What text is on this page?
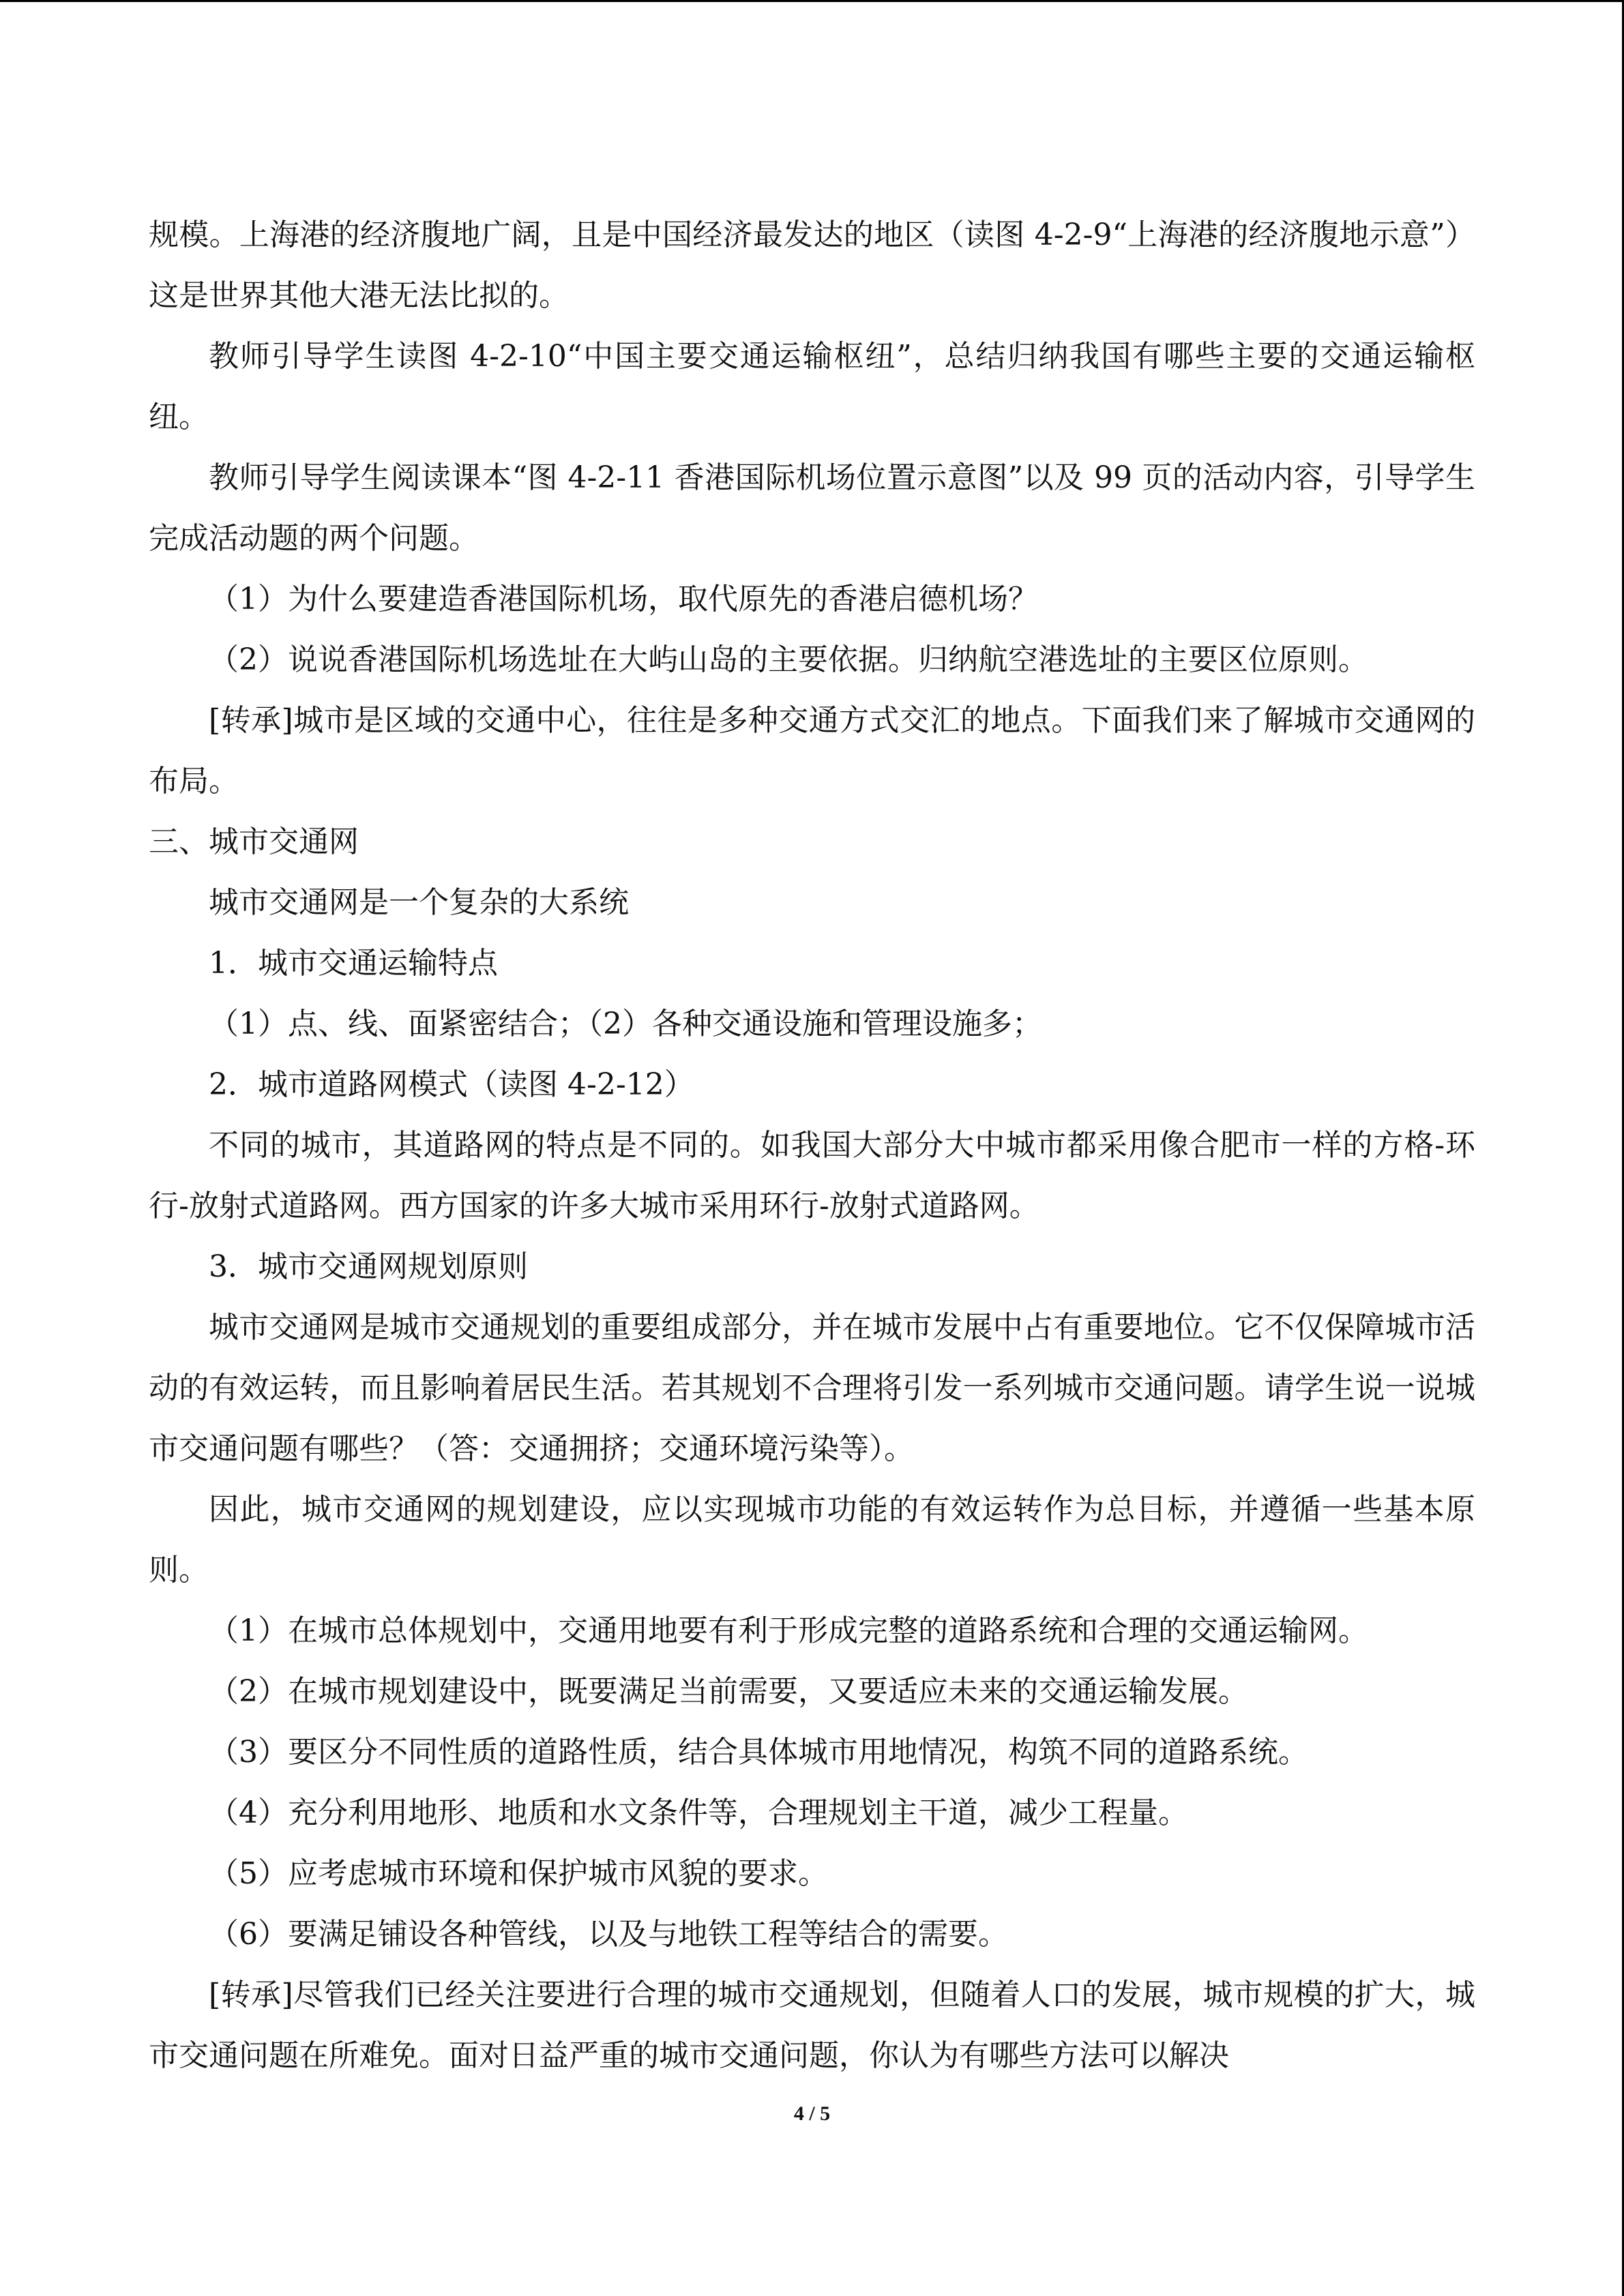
规模。上海港的经济腹地广阔，且是中国经济最发达的地区（读图 4-2-9“上海港的经济腹地示意”）这是世界其他大港无法比拟的。

教师引导学生读图 4-2-10“中国主要交通运输枢纽”，总结归纳我国有哪些主要的交通运输枢纽。

教师引导学生阅读课本“图 4-2-11 香港国际机场位置示意图”以及 99 页的活动内容，引导学生完成活动题的两个问题。

（1）为什么要建造香港国际机场，取代原先的香港启德机场？

（2）说说香港国际机场选址在大屿山岛的主要依据。归纳航空港选址的主要区位原则。

[转承]城市是区域的交通中心，往往是多种交通方式交汇的地点。下面我们来了解城市交通网的布局。

三、城市交通网

城市交通网是一个复杂的大系统

1．城市交通运输特点

（1）点、线、面紧密结合；（2）各种交通设施和管理设施多；

2．城市道路网模式（读图 4-2-12）

不同的城市，其道路网的特点是不同的。如我国大部分大中城市都采用像合肥市一样的方格-环行-放射式道路网。西方国家的许多大城市采用环行-放射式道路网。

3．城市交通网规划原则

城市交通网是城市交通规划的重要组成部分，并在城市发展中占有重要地位。它不仅保障城市活动的有效运转，而且影响着居民生活。若其规划不合理将引发一系列城市交通问题。请学生说一说城市交通问题有哪些？（答：交通拥挤；交通环境污染等）。

因此，城市交通网的规划建设，应以实现城市功能的有效运转作为总目标，并遵循一些基本原则。

（1）在城市总体规划中，交通用地要有利于形成完整的道路系统和合理的交通运输网。

（2）在城市规划建设中，既要满足当前需要，又要适应未来的交通运输发展。

（3）要区分不同性质的道路性质，结合具体城市用地情况，构筑不同的道路系统。

（4）充分利用地形、地质和水文条件等，合理规划主干道，减少工程量。

（5）应考虑城市环境和保护城市风貌的要求。

（6）要满足铺设各种管线，以及与地铁工程等结合的需要。

[转承]尽管我们已经关注要进行合理的城市交通规划，但随着人口的发展，城市规模的扩大，城市交通问题在所难免。面对日益严重的城市交通问题，你认为有哪些方法可以解决

4 / 5
